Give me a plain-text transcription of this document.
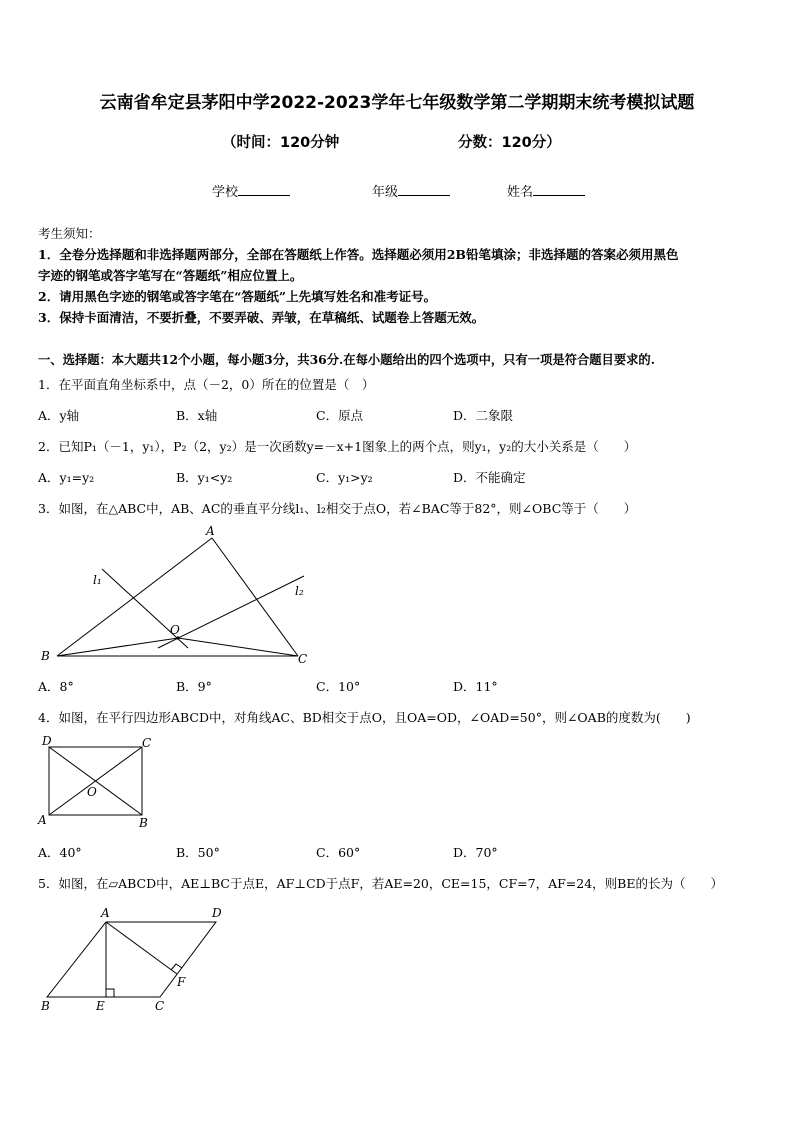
云南省牟定县茅阳中学2022-2023学年七年级数学第二学期期末统考模拟试题
（时间：120分钟	分数：120分）
学校	年级	姓名
考生须知：
1．全卷分选择题和非选择题两部分，全部在答题纸上作答。选择题必须用2B铅笔填涂；非选择题的答案必须用黑色
字迹的钢笔或答字笔写在“答题纸”相应位置上。
2．请用黑色字迹的钢笔或答字笔在“答题纸”上先填写姓名和准考证号。
3．保持卡面清洁，不要折叠，不要弄破、弄皱，在草稿纸、试题卷上答题无效。
一、选择题：本大题共12个小题，每小题3分，共36分.在每小题给出的四个选项中，只有一项是符合题目要求的.
1．在平面直角坐标系中，点（－2，0）所在的位置是（　）
A．y轴	B．x轴	C．原点	D．二象限
2．已知P₁（－1，y₁），P₂（2，y₂）是一次函数y=－x+1图象上的两个点，则y₁，y₂的大小关系是（　　）
A．y₁=y₂	B．y₁<y₂	C．y₁>y₂	D．不能确定
3．如图，在△ABC中，AB、AC的垂直平分线l₁、l₂相交于点O，若∠BAC等于82°，则∠OBC等于（　　）
A
B	C
O
l₁
l₂
A．8°	B．9°	C．10°	D．11°
4．如图，在平行四边形ABCD中，对角线AC、BD相交于点O，且OA=OD，∠OAD=50°，则∠OAB的度数为(　　)
D	C
O
A	B
A．40°	B．50°	C．60°	D．70°
5．如图，在▱ABCD中，AE⊥BC于点E，AF⊥CD于点F，若AE=20，CE=15，CF=7，AF=24，则BE的长为（　　）
A	D
F
B	E	C
